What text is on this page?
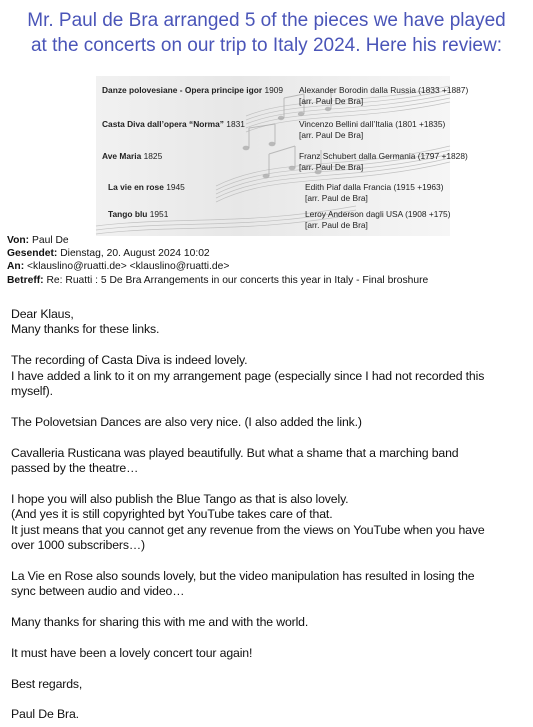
Mr. Paul de Bra arranged 5 of the pieces we have played
at the concerts on our trip to Italy 2024. Here his review:
Danze polovesiane - Opera principe igor 1909 Alexander Borodin dalla Russia (1833 +1887)
[arr. Paul De Bra]
Casta Diva dall’opera “Norma” 1831	Vincenzo Bellini dall’Italia (1801 +1835)
[arr. Paul De Bra]
Ave Maria 1825	Franz Schubert dalla Germania (1797 +1828)
[arr. Paul De Bra]
La vie en rose 1945	Edith Piaf dalla Francia (1915 +1963)
[arr. Paul de Bra]
Tango blu 1951	Leroy Anderson dagli USA (1908 +175)
[arr. Paul de Bra]
Von: Paul De
Gesendet: Dienstag, 20. August 2024 10:02
An: <klauslino@ruatti.de> <klauslino@ruatti.de>
Betreff: Re: Ruatti : 5 De Bra Arrangements in our concerts this year in Italy - Final broshure

Dear Klaus,
Many thanks for these links.

The recording of Casta Diva is indeed lovely.
I have added a link to it on my arrangement page (especially since I had not recorded this
myself).

The Polovetsian Dances are also very nice. (I also added the link.)

Cavalleria Rusticana was played beautifully. But what a shame that a marching band
passed by the theatre…

I hope you will also publish the Blue Tango as that is also lovely.
(And yes it is still copyrighted byt YouTube takes care of that.
It just means that you cannot get any revenue from the views on YouTube when you have
over 1000 subscribers…)

La Vie en Rose also sounds lovely, but the video manipulation has resulted in losing the
sync between audio and video…

Many thanks for sharing this with me and with the world.

It must have been a lovely concert tour again!

Best regards,

Paul De Bra.
